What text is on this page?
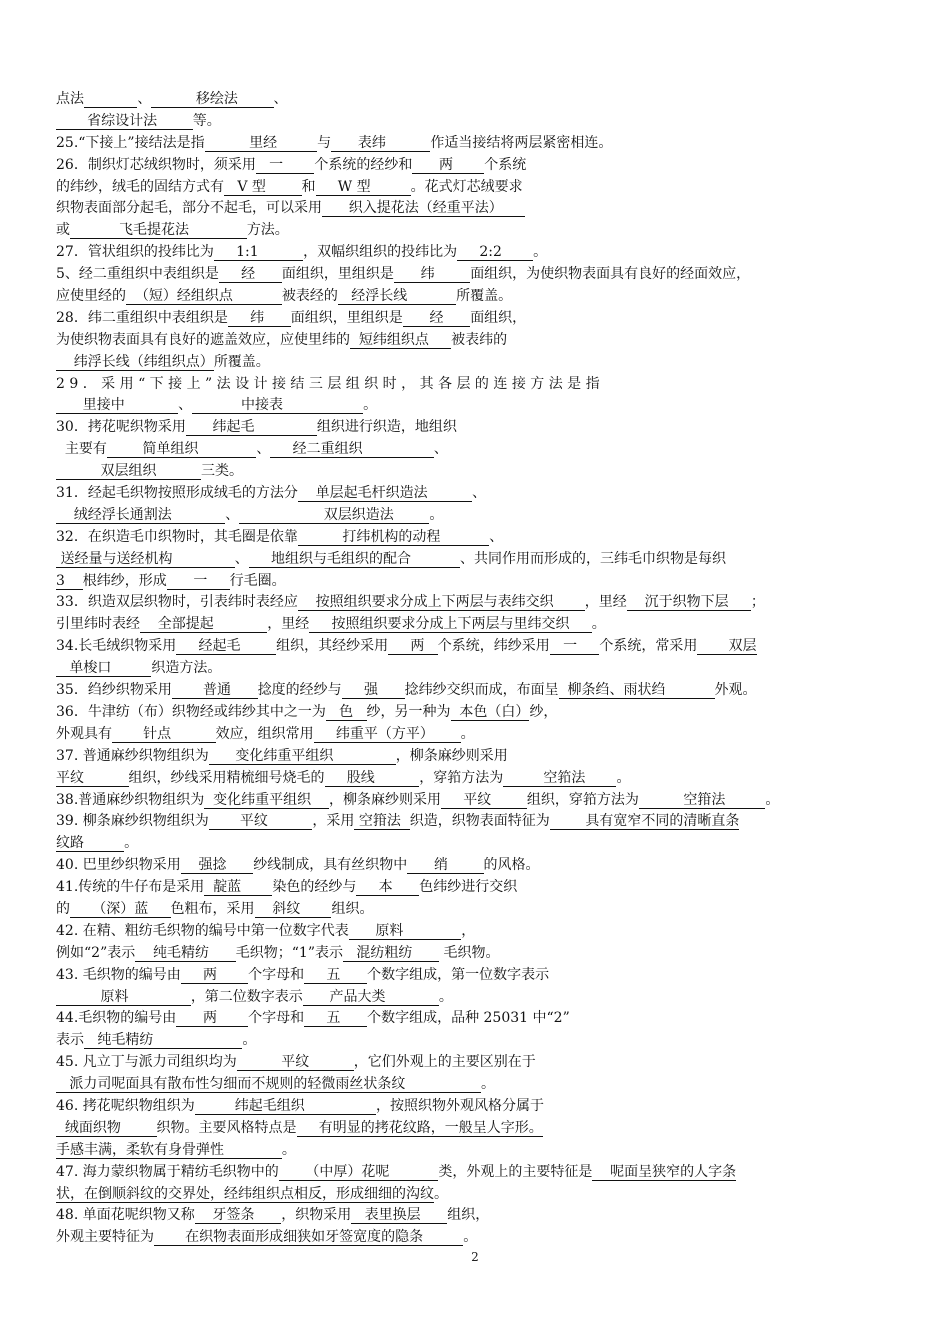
点法	、          移绘法        、
省综设计法        等。
25.“下接上”接结法是指          里经         与      表纬          作适当接结将两层紧密相连。
26．制织灯芯绒织物时，须采用   一       个系统的经纱和      两       个系统
的纬纱，绒毛的固结方式有   V 型        和     W 型         。花式灯芯绒要求
织物表面部分起毛，部分不起毛，可以采用      织入提花法（经重平法）
或           飞毛提花法             方法。
27．管状组织的投纬比为     1:1          ，双幅织组织的投纬比为     2:2       。
5、经二重组织中表组织是     经      面组织，里组织是      纬        面组织，为使织物表面具有良好的经面效应，
应使里经的  （短）经组织点           被表经的   经浮长线           所覆盖。
28．纬二重组织中表组织是     纬      面组织，里组织是      经      面组织，
为使织物表面具有良好的遮盖效应，应使里纬的  短纬组织点     被表纬的
纬浮长线（纬组织点）所覆盖。
2 9 ． 采 用 “ 下 接 上 ” 法 设 计 接 结 三 层 组 织 时 ， 其 各 层 的 连 接 方 法 是 指
里接中            、           中接表                  。
30．拷花呢织物采用      纬起毛              组织进行织造，地组织
主要有        简单组织             、     经二重组织                、
双层组织          三类。
31．经起毛织物按照形成绒毛的方法分    单层起毛杆织造法          、
绒经浮长通割法            、                   双层织造法        。
32．在织造毛巾织物时，其毛圈是依靠          打纬机构的动程           、
送经量与送经机构              、     地组织与毛组织的配合           、共同作用而形成的，三纬毛巾织物是每织
3    根纬纱，形成      一     行毛圈。
33．织造双层织物时，引表纬时表经应    按照组织要求分成上下两层与表纬交织       ，里经    沉于织物下层     ；
引里纬时表经    全部提起            ，里经     按照组织要求分成上下两层与里纬交织     。
34.长毛绒织物采用     经起毛        组织，其经纱采用     两   个系统，纬纱采用   一     个系统，常采用       双层
单梭口         织造方法。
35．绉纱织物采用       普通      捻度的经纱与     强      捻纬纱交织而成，布面呈  柳条绉、雨状绉           外观。
36．牛津纺（布）织物经或纬纱其中之一为   色   纱，另一种为  本色（白）纱，
外观具有       针点          效应，组织常用     纬重平（方平）      。
37. 普通麻纱织物组织为      变化纬重平组织              ，柳条麻纱则采用
平纹          组织，纱线采用精梳细号烧毛的     股线          ，穿筘方法为         空筘法       。
38.普通麻纱织物组织为  变化纬重平组织    ，柳条麻纱则采用     平纹        组织，穿筘方法为          空箝法         。
39. 柳条麻纱织物组织为       平纹          ，采用 空箝法  织造，织物表面特征为        具有宽窄不同的清晰直条
纹路         。
40. 巴里纱织物采用    强捻      纱线制成，具有丝织物中      绡        的风格。
41.传统的牛仔布是采用  靛蓝       染色的经纱与     本      色纬纱进行交织
的     （深）蓝     色粗布，采用    斜纹       组织。
42. 在精、粗纺毛织物的编号中第一位数字代表      原料             ，
例如“2”表示    纯毛精纺      毛织物；“1”表示   混纺粗纺       毛织物。
43. 毛织物的编号由     两       个字母和     五      个数字组成，第一位数字表示
原料              ，第二位数字表示      产品大类            。
44.毛织物的编号由      两       个字母和     五      个数字组成，品种 25031 中“2”
表示   纯毛精纺                    。
45. 凡立丁与派力司组织均为          平纹          ，它们外观上的主要区别在于
派力司呢面具有散布性匀细而不规则的轻微雨丝状条纹                 。
46. 拷花呢织物组织为         纬起毛组织                ，按照织物外观风格分属于
绒面织物        织物。主要风格特点是     有明显的拷花纹路，一般呈人字形。
手感丰满，柔软有身骨弹性             。
47. 海力蒙织物属于精纺毛织物中的      （中厚）花呢           类，外观上的主要特征是    呢面呈狭窄的人字条
状，在倒顺斜纹的交界处，经纬组织点相反，形成细细的沟纹。
48. 单面花呢织物又称    牙签条      ，织物采用   表里换层      组织，
外观主要特征为       在织物表面形成细狭如牙签宽度的隐条         。
2
